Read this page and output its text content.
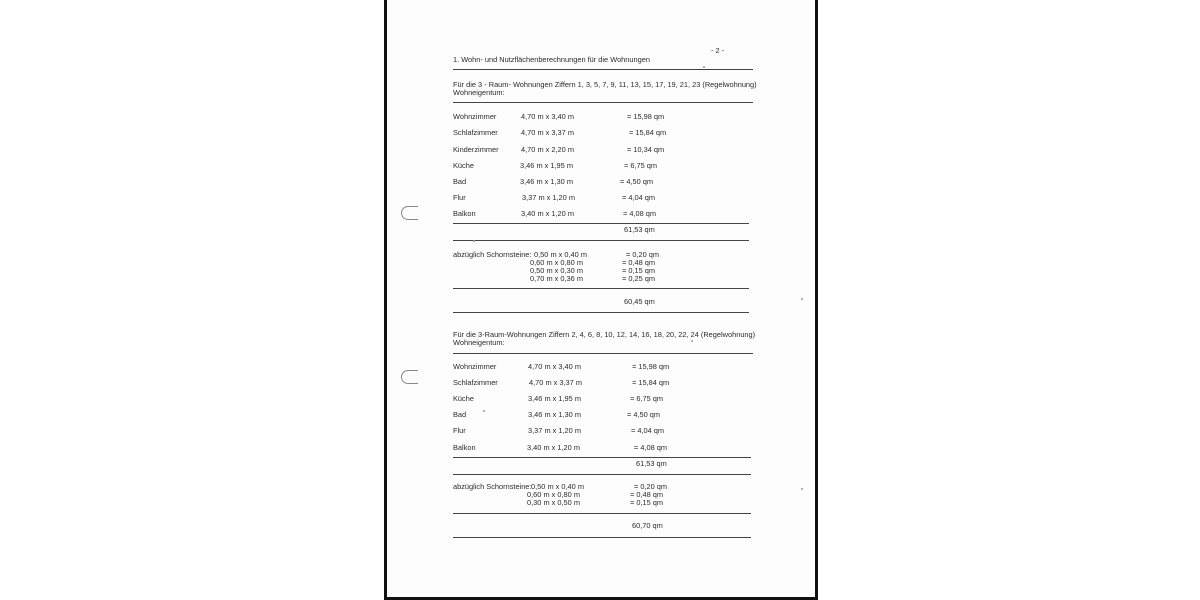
- 2 -
1. Wohn- und Nutzflächenberechnungen für die Wohnungen
Für die 3 - Raum- Wohnungen Ziffern 1, 3, 5, 7, 9, 11, 13, 15, 17, 19, 21, 23 (Regelwohnung)
Wohneigentum:
Wohnzimmer	4,70 m x 3,40 m	= 15,98 qm
Schlafzimmer	4,70 m x 3,37 m	= 15,84 qm
Kinderzimmer	4,70 m x 2,20 m	= 10,34 qm
Küche	3,46 m x 1,95 m	= 6,75 qm
Bad	3,46 m x 1,30 m	= 4,50 qm
Flur	3,37 m x 1,20 m	= 4,04 qm
Balkon	3,40 m x 1,20 m	= 4,08 qm
61,53 qm
abzüglich Schornsteine: 0,50 m x 0,40 m	= 0,20 qm
0,60 m x 0,80 m	= 0,48 qm
0,50 m x 0,30 m	= 0,15 qm
0,70 m x 0,36 m	= 0,25 qm
60,45 qm
Für die 3-Raum-Wohnungen Ziffern 2, 4, 6, 8, 10, 12, 14, 16, 18, 20, 22, 24 (Regelwohnung)
Wohneigentum:
Wohnzimmer	4,70 m x 3,40 m	= 15,98 qm
Schlafzimmer	4,70 m x 3,37 m	= 15,84 qm
Küche	3,46 m x 1,95 m	= 6,75 qm
Bad	3,46 m x 1,30 m	= 4,50 qm
Flur	3,37 m x 1,20 m	= 4,04 qm
Balkon	3,40 m x 1,20 m	= 4,08 qm
61,53 qm
abzüglich Schornsteine: 0,50 m x 0,40 m	= 0,20 qm
0,60 m x 0,80 m	= 0,48 qm
0,30 m x 0,50 m	= 0,15 qm
60,70 qm
